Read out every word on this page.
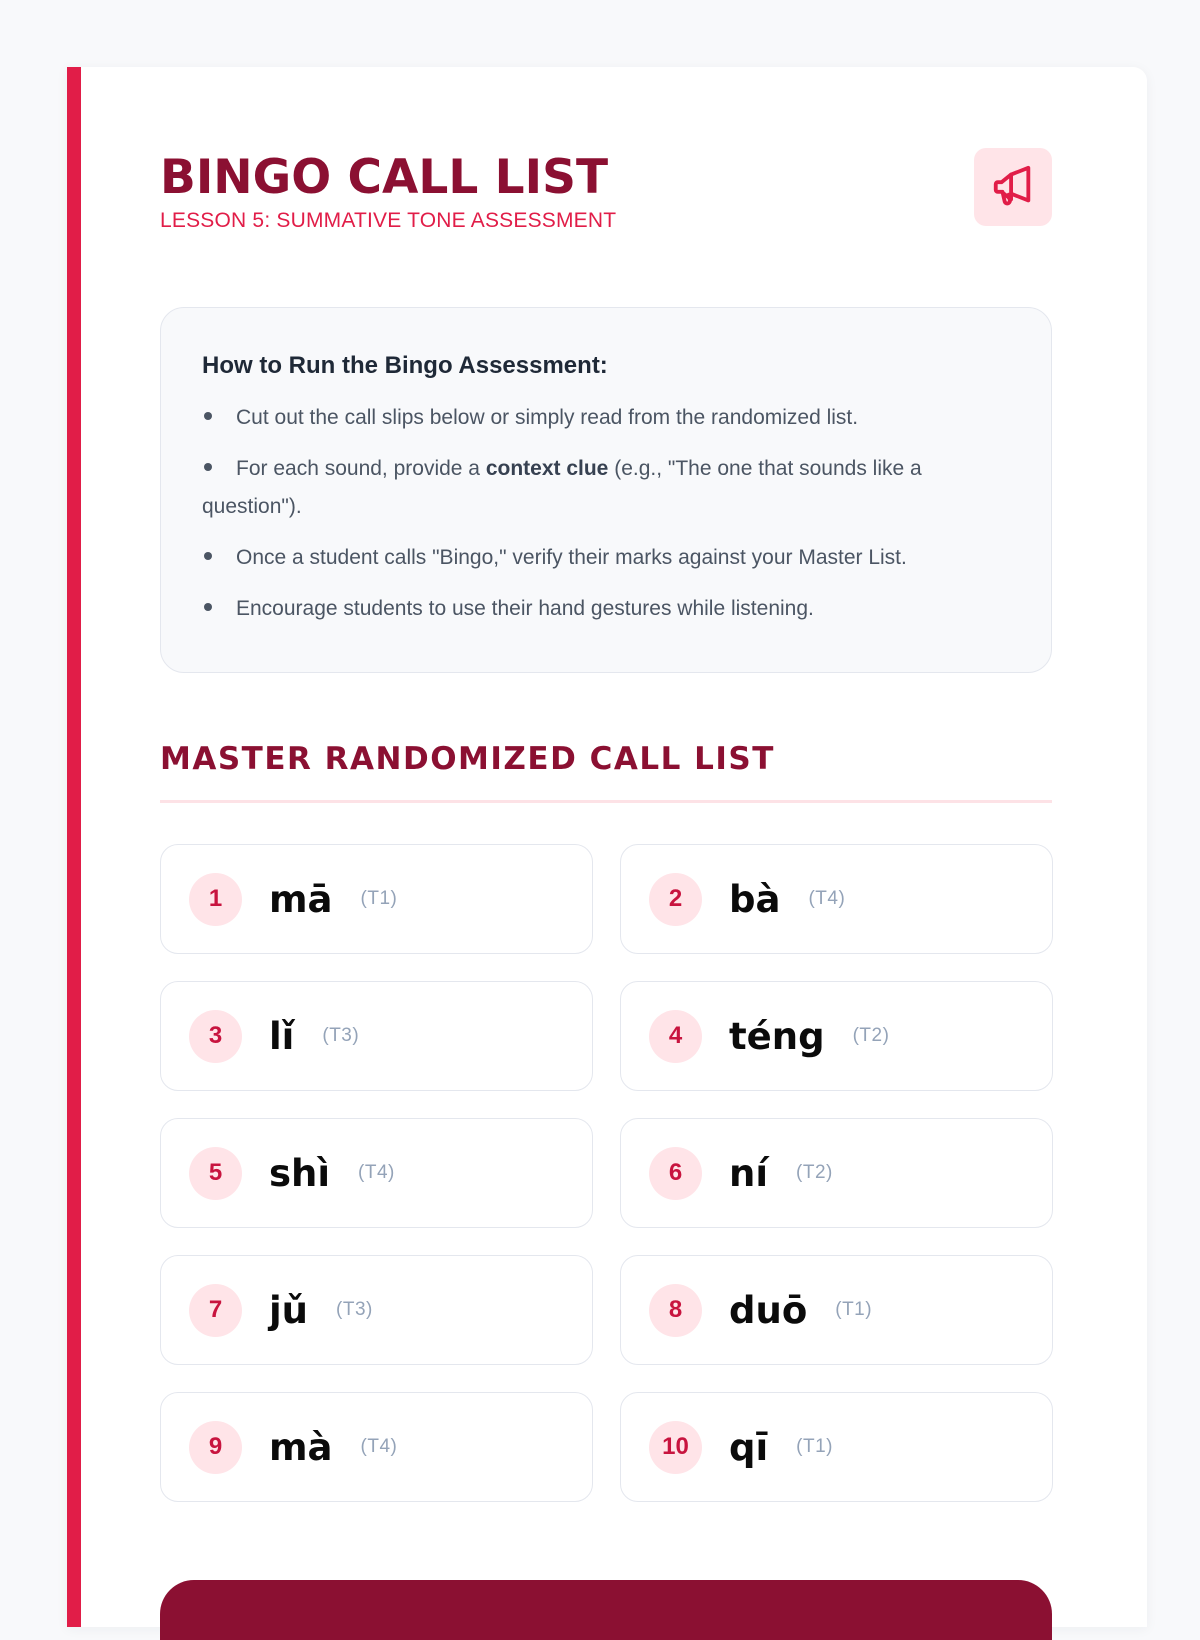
BINGO CALL LIST

LESSON 5: SUMMATIVE TONE ASSESSMENT

How to Run the Bingo Assessment:
Cut out the call slips below or simply read from the randomized list.
For each sound, provide a context clue (e.g., "The one that sounds like a question").
Once a student calls "Bingo," verify their marks against your Master List.
Encourage students to use their hand gestures while listening.
MASTER RANDOMIZED CALL LIST
1	mā (T1)	2	bà (T4)
3	lǐ (T3)	4	téng (T2)
5	shì (T4)	6	ní (T2)
7	jǔ (T3)	8	duō (T1)
9	mà (T4)	10	qī (T1)
